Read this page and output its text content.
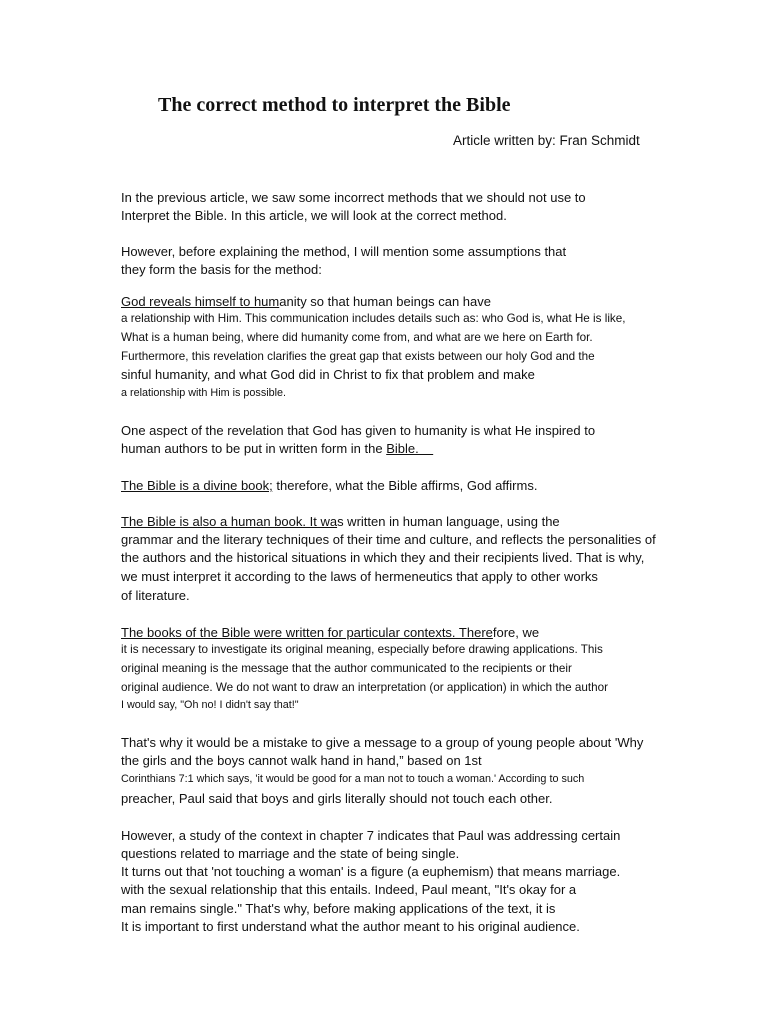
The correct method to interpret the Bible
Article written by: Fran Schmidt
In the previous article, we saw some incorrect methods that we should not use to
Interpret the Bible. In this article, we will look at the correct method.
However, before explaining the method, I will mention some assumptions that
they form the basis for the method:
God reveals himself to humanity so that human beings can have
a relationship with Him. This communication includes details such as: who God is, what He is like,
What is a human being, where did humanity come from, and what are we here on Earth for.
Furthermore, this revelation clarifies the great gap that exists between our holy God and the
sinful humanity, and what God did in Christ to fix that problem and make
a relationship with Him is possible.
One aspect of the revelation that God has given to humanity is what He inspired to
human authors to be put in written form in the Bible.
The Bible is a divine book; therefore, what the Bible affirms, God affirms.
The Bible is also a human book. It was written in human language, using the
grammar and the literary techniques of their time and culture, and reflects the personalities of
the authors and the historical situations in which they and their recipients lived. That is why,
we must interpret it according to the laws of hermeneutics that apply to other works
of literature.
The books of the Bible were written for particular contexts. Therefore, we
it is necessary to investigate its original meaning, especially before drawing applications. This
original meaning is the message that the author communicated to the recipients or their
original audience. We do not want to draw an interpretation (or application) in which the author
I would say, "Oh no! I didn't say that!"
That's why it would be a mistake to give a message to a group of young people about 'Why
the girls and the boys cannot walk hand in hand,” based on 1st
Corinthians 7:1 which says, 'it would be good for a man not to touch a woman.' According to such
preacher, Paul said that boys and girls literally should not touch each other.
However, a study of the context in chapter 7 indicates that Paul was addressing certain
questions related to marriage and the state of being single.
It turns out that 'not touching a woman' is a figure (a euphemism) that means marriage.
with the sexual relationship that this entails. Indeed, Paul meant, "It's okay for a
man remains single." That's why, before making applications of the text, it is
It is important to first understand what the author meant to his original audience.
